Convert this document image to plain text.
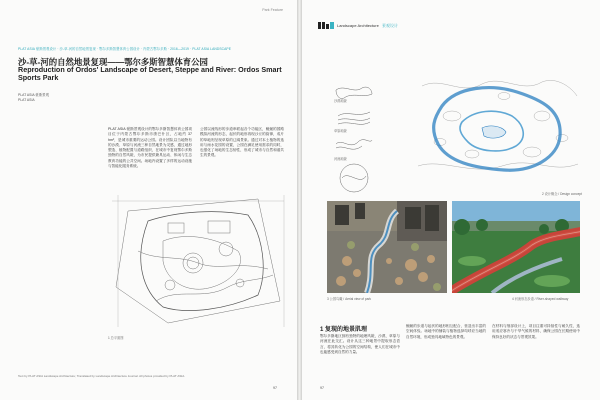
Park Feature
PLAT ASIA 豪斯景观设计 · 沙-草-河的自然地景复现 · 鄂尔多斯智慧体育公园设计 · 内蒙古鄂尔多斯 · 2016—2019 · PLAT ASIA LANDSCAPE
沙-草-河的自然地景复现——鄂尔多斯智慧体育公园
Reproduction of Ordos' Landscape of Desert, Steppe and River: Ordos Smart Sports Park
PLAT ASIA 豪斯景观
PLAT ASIA
PLAT ASIA 豪斯景观设计的鄂尔多斯智慧体育公园项目位于内蒙古鄂尔多斯市康巴什区，占地约 37 hm²，是城市重要的运动公园。设计团队以当地特有的沙漠、草原与河流三种自然地景为灵感，通过地形塑造、植物配置与道路组织，在城市中复现鄂尔多斯独特的自然风貌，为市民提供兼具运动、休闲与生态教育功能的公共空间。场地内设置了多样的运动设施与智能化服务系统。
公园以流线形的步道串联起各个功能区，蜿蜒的园路模拟河流的形态，起伏的地形再现沙丘的韵律，成片的草地则呈现草原的辽阔景象。通过对本土植物的选用与雨水花园的设置，公园在满足使用需求的同时，也强化了场地的生态韧性，形成了城市与自然和谐共生的景观。
1 总平面图
Text by PLAT ASIA Landscape Architecture; Translated by Landscape Architecture Journal. All photos provided by PLAT ASIA.
97
Landscape Architecture 景观设计
沙漠地貌
草原地貌
河流地貌
2 设计概念 / Design concept
3 公园鸟瞰 / Aerial view of park	4 河流形态步道 / River-shaped walkway
1 复现的地景肌理
鄂尔多斯地区拥有独特的地理风貌，沙漠、草原与河流在此交汇。设计从这三种地景中提取形态语言，将其转化为公园的空间结构，使人们在城市中也能感受到自然的力量。
蜿蜒的步道与起伏的地形相互配合，营造出丰富的空间体验。场地中的铺装与植物选择均呼应当地的自然环境，形成独具地域特色的景观。
在材料与细部设计上，项目注重可持续性与耐久性，选用适应寒冷与干旱气候的材料，确保公园在长期使用中保持良好的状态与景观效果。
97
